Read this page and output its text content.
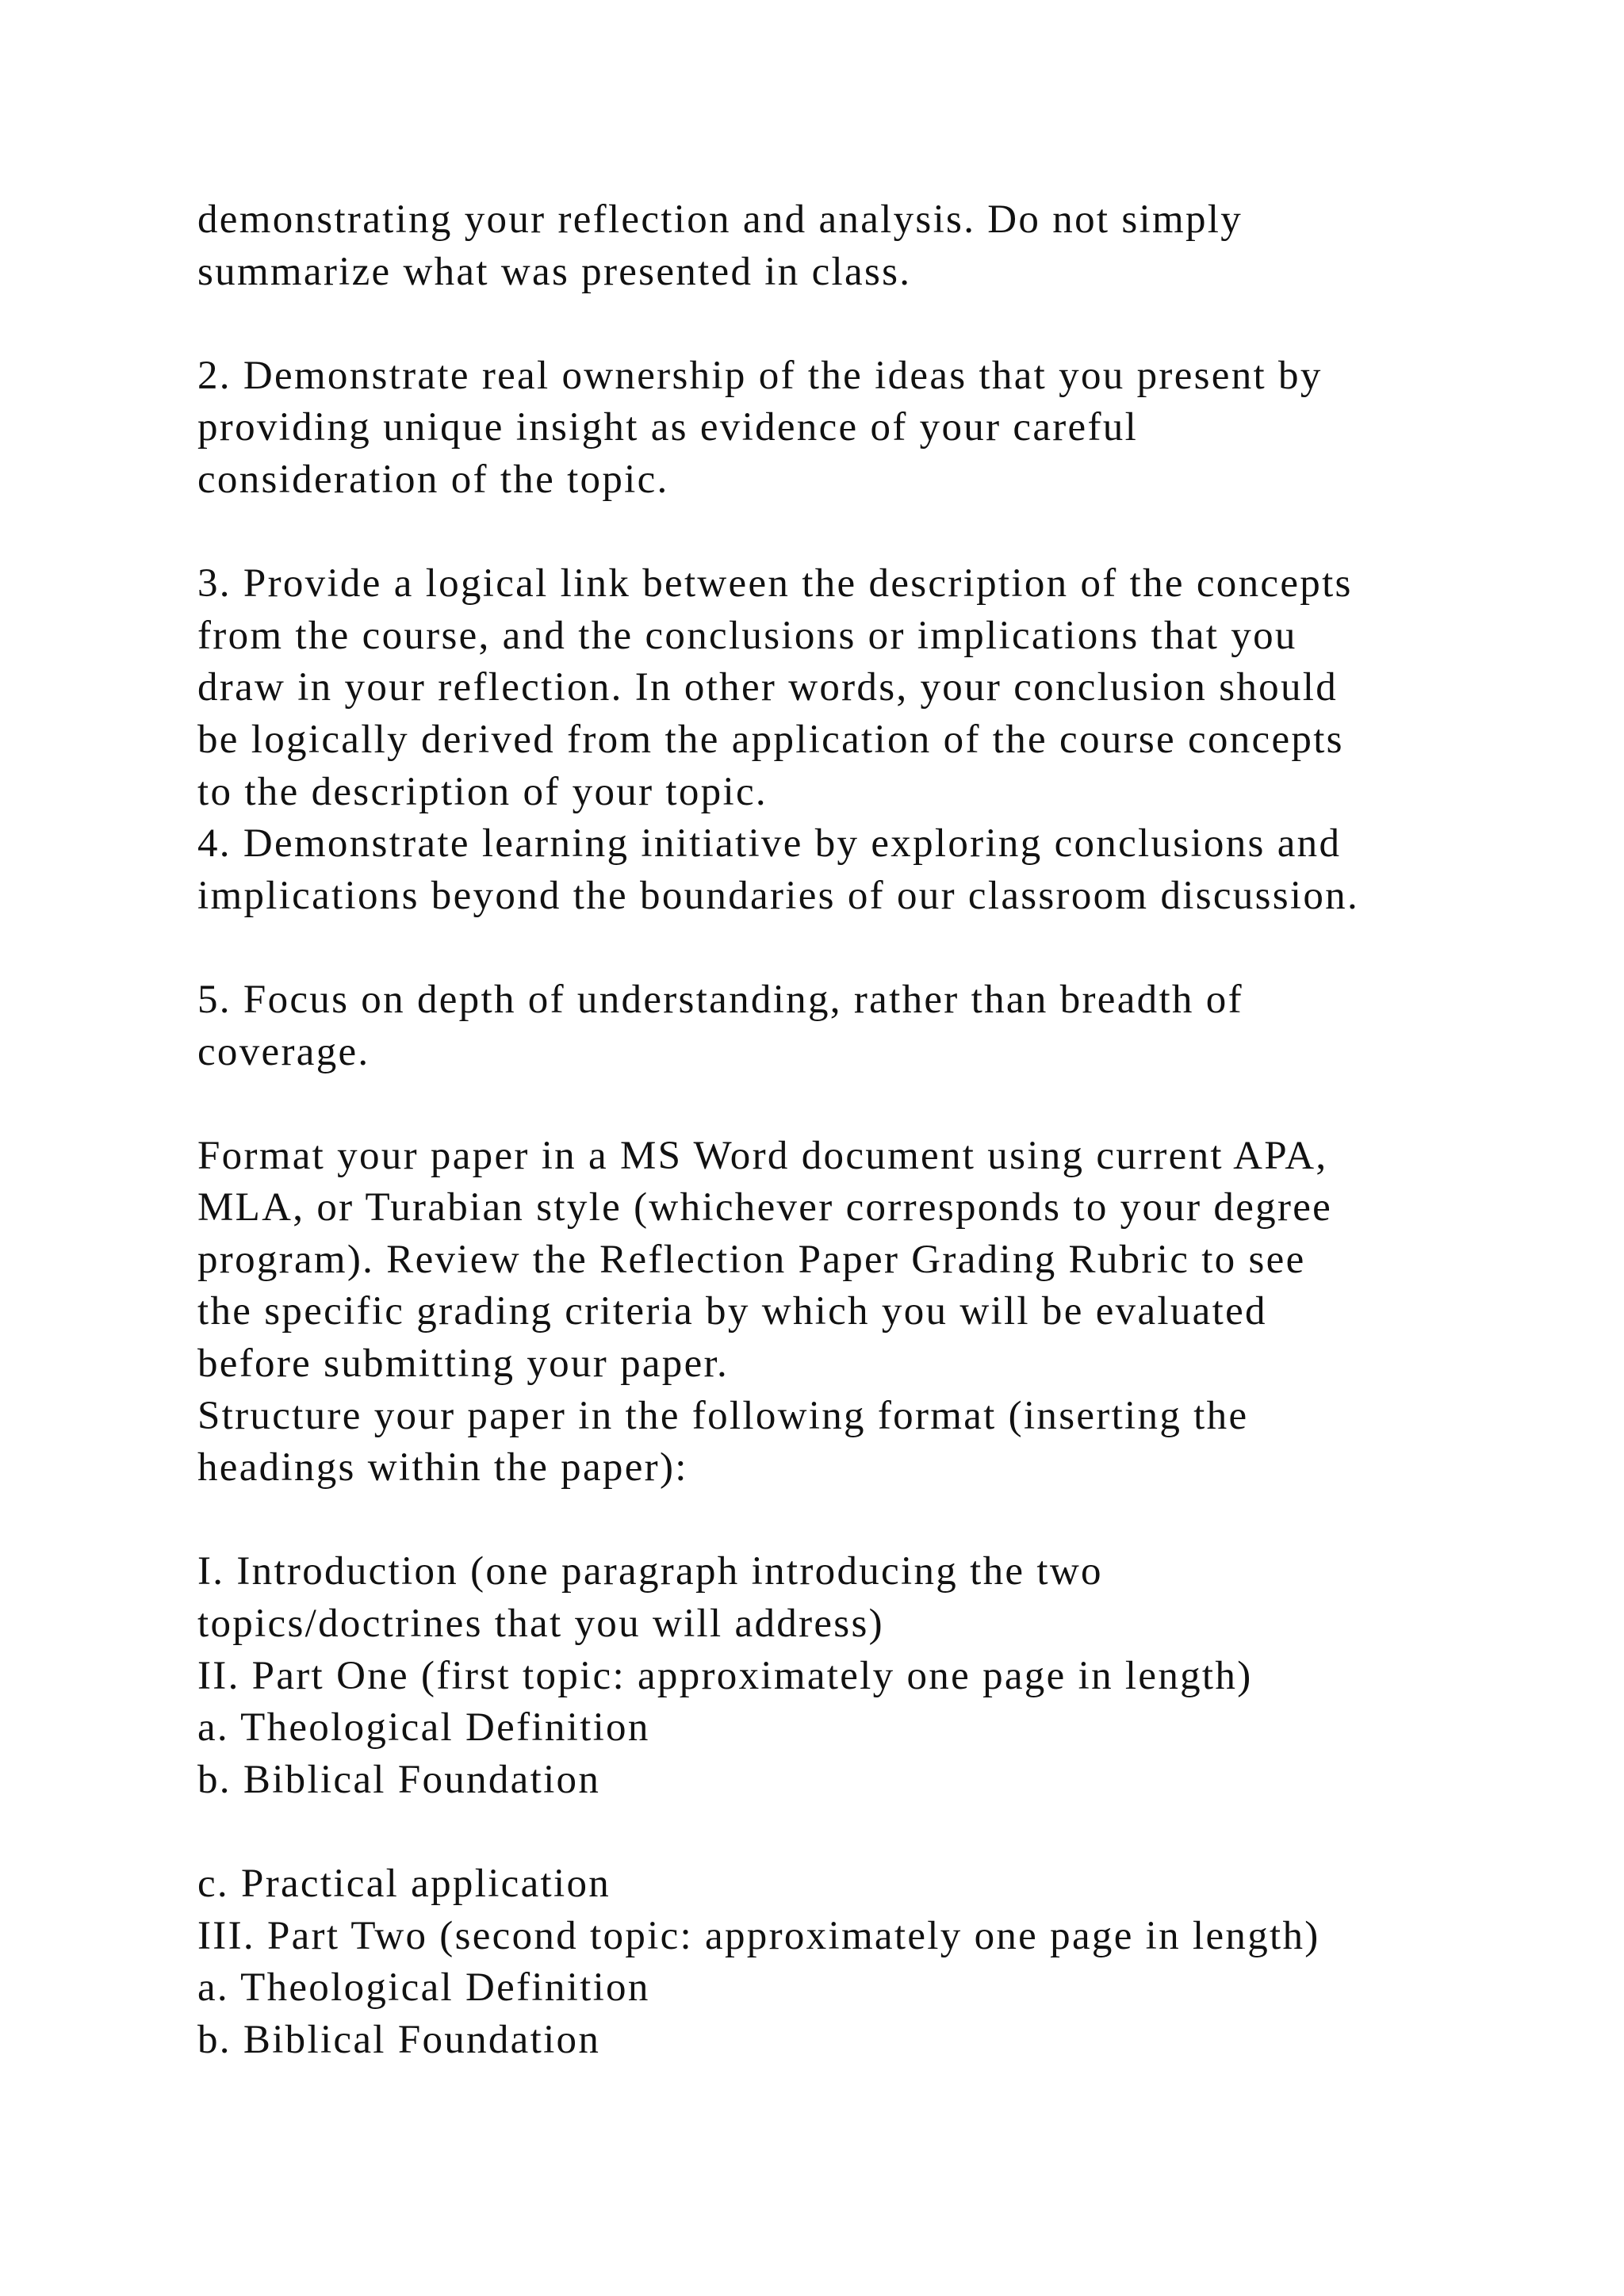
demonstrating your reflection and analysis. Do not simply
summarize what was presented in class.
2. Demonstrate real ownership of the ideas that you present by
providing unique insight as evidence of your careful
consideration of the topic.
3. Provide a logical link between the description of the concepts
from the course, and the conclusions or implications that you
draw in your reflection. In other words, your conclusion should
be logically derived from the application of the course concepts
to the description of your topic.
4. Demonstrate learning initiative by exploring conclusions and
implications beyond the boundaries of our classroom discussion.
5. Focus on depth of understanding, rather than breadth of
coverage.
Format your paper in a MS Word document using current APA,
MLA, or Turabian style (whichever corresponds to your degree
program). Review the Reflection Paper Grading Rubric to see
the specific grading criteria by which you will be evaluated
before submitting your paper.
Structure your paper in the following format (inserting the
headings within the paper):
I. Introduction (one paragraph introducing the two
topics/doctrines that you will address)
II. Part One (first topic: approximately one page in length)
a. Theological Definition
b. Biblical Foundation
c. Practical application
III. Part Two (second topic: approximately one page in length)
a. Theological Definition
b. Biblical Foundation
